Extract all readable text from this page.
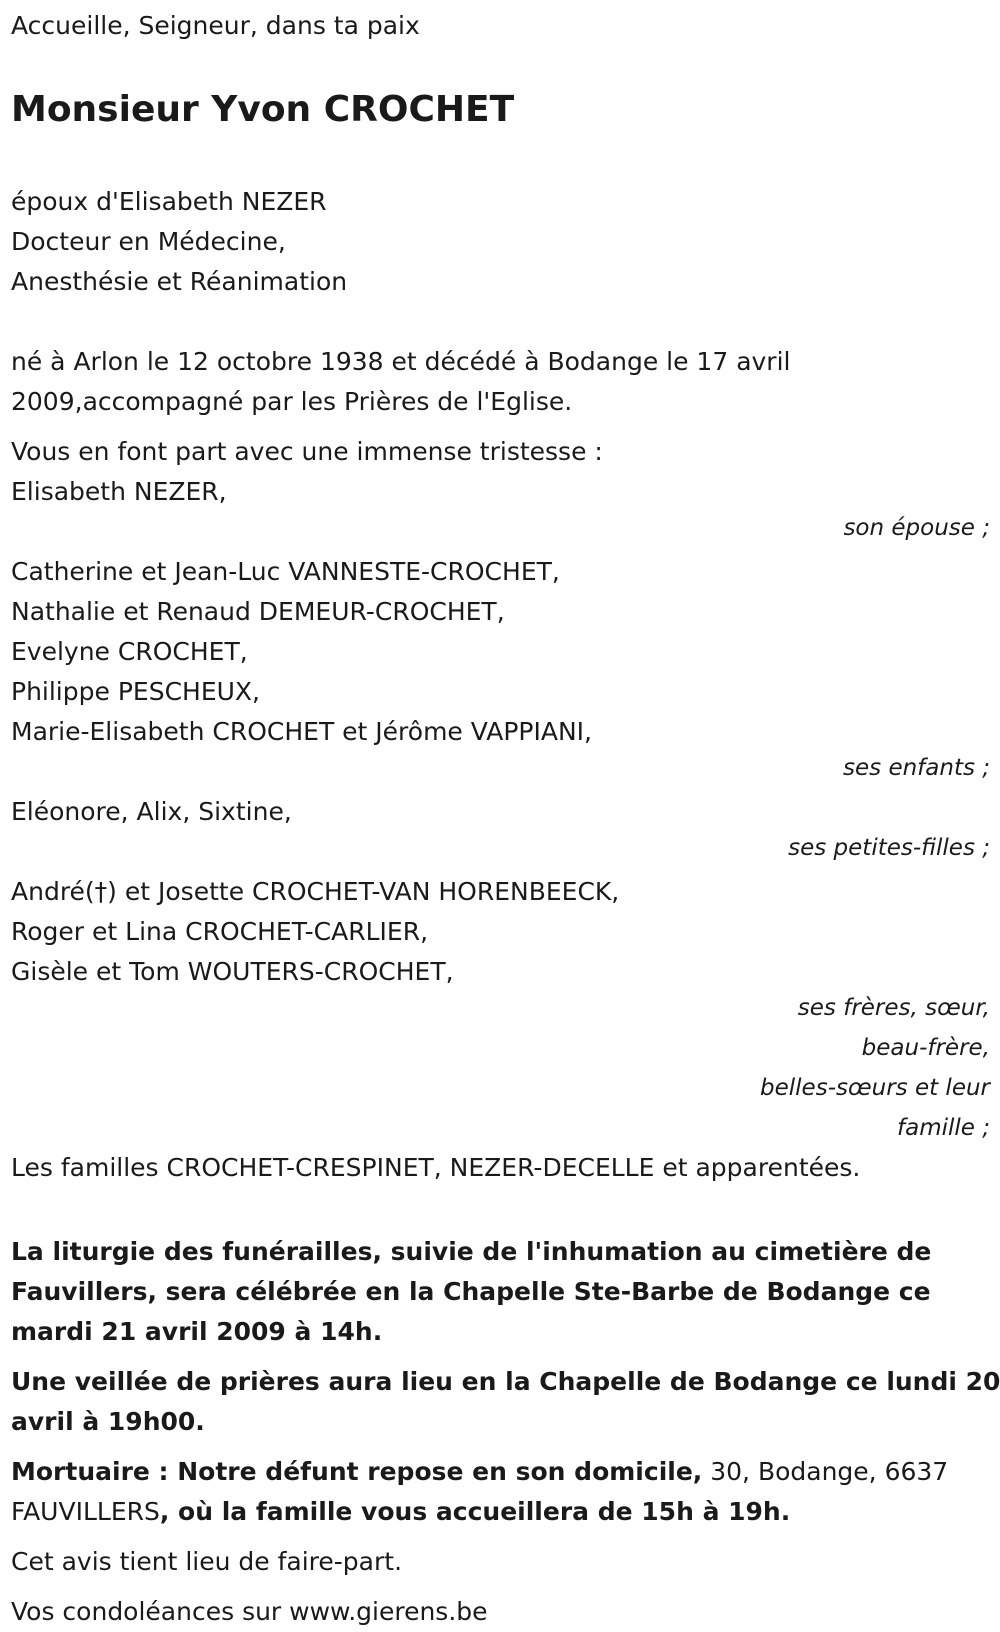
Accueille, Seigneur, dans ta paix

Monsieur Yvon CROCHET

époux d'Elisabeth NEZER

Docteur en Médecine,

Anesthésie et Réanimation

né à Arlon le 12 octobre 1938 et décédé à Bodange le 17 avril

2009,accompagné par les Prières de l'Eglise.

Vous en font part avec une immense tristesse :

Elisabeth NEZER,

son épouse ;

Catherine et Jean-Luc VANNESTE-CROCHET,

Nathalie et Renaud DEMEUR-CROCHET,

Evelyne CROCHET,

Philippe PESCHEUX,

Marie-Elisabeth CROCHET et Jérôme VAPPIANI,

ses enfants ;

Eléonore, Alix, Sixtine,

ses petites-filles ;

André(†) et Josette CROCHET-VAN HORENBEECK,

Roger et Lina CROCHET-CARLIER,

Gisèle et Tom WOUTERS-CROCHET,

ses frères, sœur,

beau-frère,

belles-sœurs et leur

famille ;

Les familles CROCHET-CRESPINET, NEZER-DECELLE et apparentées.

La liturgie des funérailles, suivie de l'inhumation au cimetière de

Fauvillers, sera célébrée en la Chapelle Ste-Barbe de Bodange ce

mardi 21 avril 2009 à 14h.

Une veillée de prières aura lieu en la Chapelle de Bodange ce lundi 20

avril à 19h00.

Mortuaire : Notre défunt repose en son domicile, 30, Bodange, 6637

FAUVILLERS, où la famille vous accueillera de 15h à 19h.

Cet avis tient lieu de faire-part.

Vos condoléances sur www.gierens.be
